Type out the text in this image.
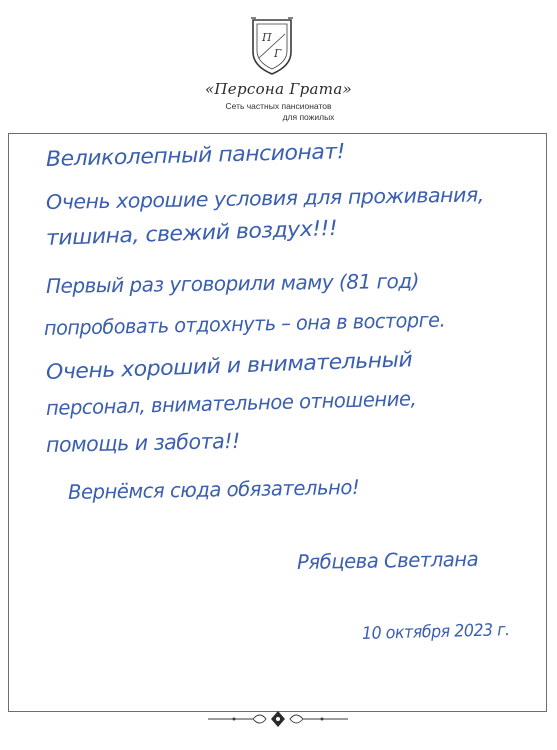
П
Г
«Персона Грата»
Сеть частных пансионатов
для пожилых
Великолепный пансионат!
Очень хорошие условия для проживания,
тишина, свежий воздух!!!
Первый раз уговорили маму (81 год)
попробовать отдохнуть – она в восторге.
Очень хороший и внимательный
персонал, внимательное отношение,
помощь и забота!!
Вернёмся сюда обязательно!
Рябцева Светлана
10 октября 2023 г.
